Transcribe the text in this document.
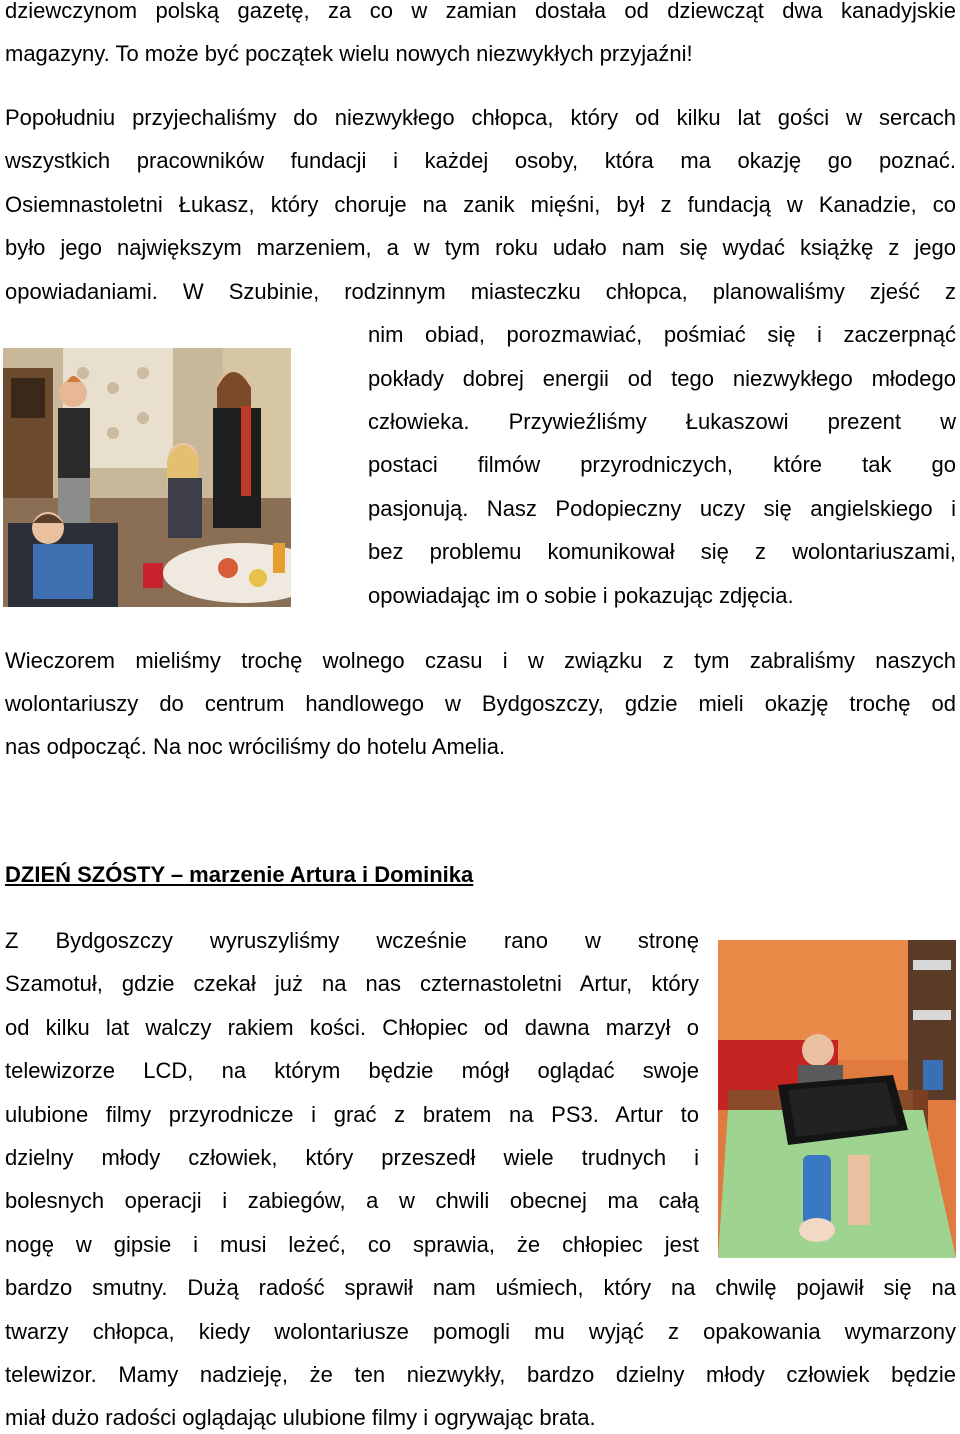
dziewczynom polską gazetę, za co w zamian dostała od dziewcząt dwa kanadyjskie
magazyny. To może być początek wielu nowych niezwykłych przyjaźni!
Popołudniu przyjechaliśmy do niezwykłego chłopca, który od kilku lat gości w sercach
wszystkich pracowników fundacji i każdej osoby, która ma okazję go poznać.
Osiemnastoletni Łukasz, który choruje na zanik mięśni, był z fundacją w Kanadzie, co
było jego największym marzeniem, a w tym roku udało nam się wydać książkę z jego
opowiadaniami. W Szubinie, rodzinnym miasteczku chłopca, planowaliśmy zjeść z
nim obiad, porozmawiać, pośmiać się i zaczerpnąć
pokłady dobrej energii od tego niezwykłego młodego
człowieka. Przywieźliśmy Łukaszowi prezent w
postaci filmów przyrodniczych, które tak go
pasjonują. Nasz Podopieczny uczy się angielskiego i
bez problemu komunikował się z wolontariuszami,
opowiadając im o sobie i pokazując zdjęcia.
Wieczorem mieliśmy trochę wolnego czasu i w związku z tym zabraliśmy naszych
wolontariuszy do centrum handlowego w Bydgoszczy, gdzie mieli okazję trochę od
nas odpocząć. Na noc wróciliśmy do hotelu Amelia.
DZIEŃ SZÓSTY – marzenie Artura i Dominika
Z Bydgoszczy wyruszyliśmy wcześnie rano w stronę
Szamotuł, gdzie czekał już na nas czternastoletni Artur, który
od kilku lat walczy rakiem kości. Chłopiec od dawna marzył o
telewizorze LCD, na którym będzie mógł oglądać swoje
ulubione filmy przyrodnicze i grać z bratem na PS3. Artur to
dzielny młody człowiek, który przeszedł wiele trudnych i
bolesnych operacji i zabiegów, a w chwili obecnej ma całą
nogę w gipsie i musi leżeć, co sprawia, że chłopiec jest
bardzo smutny. Dużą radość sprawił nam uśmiech, który na chwilę pojawił się na
twarzy chłopca, kiedy wolontariusze pomogli mu wyjąć z opakowania wymarzony
telewizor. Mamy nadzieję, że ten niezwykły, bardzo dzielny młody człowiek będzie
miał dużo radości oglądając ulubione filmy i ogrywając brata.
